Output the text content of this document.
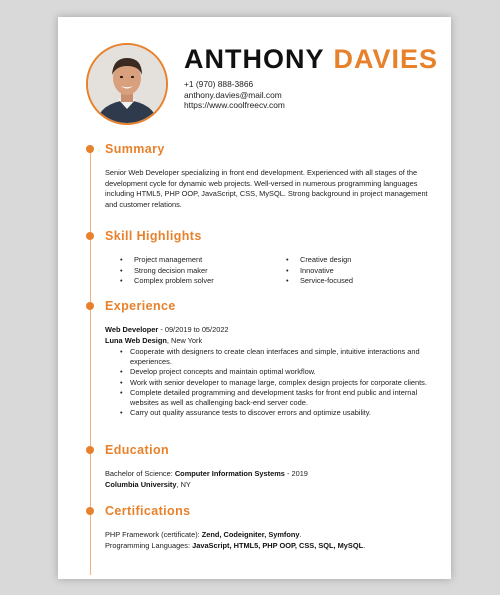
ANTHONY DAVIES
+1 (970) 888-3866
anthony.davies@mail.com
https://www.coolfreecv.com
Summary
Senior Web Developer specializing in front end development. Experienced with all stages of the development cycle for dynamic web projects. Well-versed in numerous programming languages including HTML5, PHP OOP, JavaScript, CSS, MySQL. Strong background in project management and customer relations.
Skill Highlights
• Project management
• Strong decision maker
• Complex problem solver
• Creative design
• Innovative
• Service-focused
Experience
Web Developer - 09/2019 to 05/2022
Luna Web Design, New York
• Cooperate with designers to create clean interfaces and simple, intuitive interactions and experiences.
• Develop project concepts and maintain optimal workflow.
• Work with senior developer to manage large, complex design projects for corporate clients.
• Complete detailed programming and development tasks for front end public and internal websites as well as challenging back-end server code.
• Carry out quality assurance tests to discover errors and optimize usability.
Education
Bachelor of Science: Computer Information Systems - 2019
Columbia University, NY
Certifications
PHP Framework (certificate): Zend, Codeigniter, Symfony.
Programming Languages: JavaScript, HTML5, PHP OOP, CSS, SQL, MySQL.
